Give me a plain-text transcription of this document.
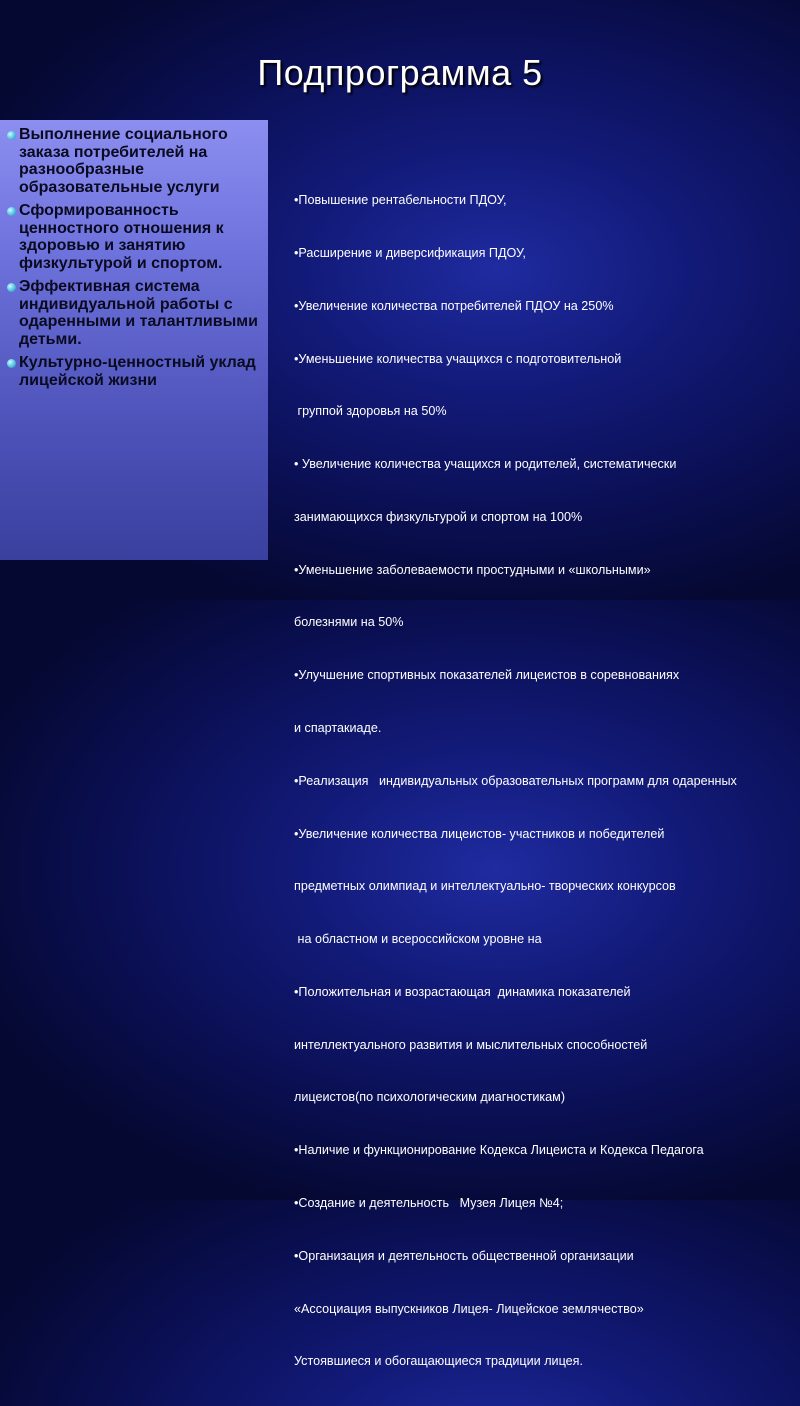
Подпрограмма 5
Выполнение социального заказа потребителей на разнообразные образовательные услуги
Сформированность ценностного отношения к здоровью и занятию физкультурой и спортом.
Эффективная система индивидуальной работы с одаренными и талантливыми детьми.
Культурно-ценностный уклад лицейской жизни

•Повышение рентабельности ПДОУ,

•Расширение и диверсификация ПДОУ,

•Увеличение количества потребителей ПДОУ на 250%

•Уменьшение количества учащихся с подготовительной

группой здоровья на 50%

• Увеличение количества учащихся и родителей, систематически

занимающихся физкультурой и спортом на 100%

•Уменьшение заболеваемости простудными и «школьными»

болезнями на 50%

•Улучшение спортивных показателей лицеистов в соревнованиях

и спартакиаде.

•Реализация   индивидуальных образовательных программ для одаренных

•Увеличение количества лицеистов- участников и победителей

предметных олимпиад и интеллектуально- творческих конкурсов

на областном и всероссийском уровне на

•Положительная и возрастающая  динамика показателей

интеллектуального развития и мыслительных способностей

лицеистов(по психологическим диагностикам)

•Наличие и функционирование Кодекса Лицеиста и Кодекса Педагога

•Создание и деятельность   Музея Лицея №4;

•Организация и деятельность общественной организации

«Ассоциация выпускников Лицея- Лицейское землячество»

Устоявшиеся и обогащающиеся традиции лицея.
